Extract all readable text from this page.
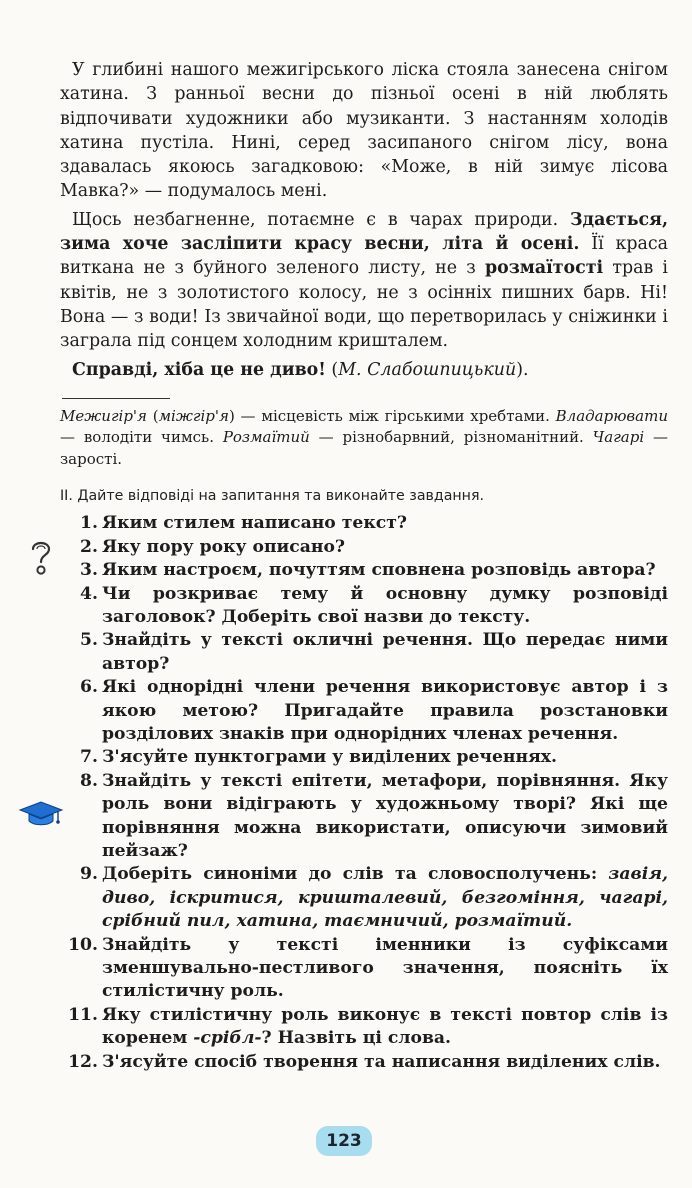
У глибині нашого межигірського ліска стояла занесена снігом хатина. З ранньої весни до пізньої осені в ній люблять відпочивати художники або музиканти. З настанням холодів хатина пустіла. Нині, серед засипаного снігом лісу, вона здавалась якоюсь загадковою: «Може, в ній зимує лісова Мавка?» — подумалось мені.

Щось незбагненне, потаємне є в чарах природи. Здається, зима хоче засліпити красу весни, літа й осені. Її краса виткана не з буйного зеленого листу, не з розмаїтості трав і квітів, не з золотистого колосу, не з осінніх пишних барв. Ні! Вона — з води! Із звичайної води, що перетворилась у сніжинки і заграла під сонцем холодним кришталем.

Справді, хіба це не диво! (М. Слабошпицький).

Межигір'я (міжгір'я) — місцевість між гірськими хребтами. Владарювати — володіти чимсь. Розмаїтий — різнобарвний, різноманітний. Чагарі — зарості.

II. Дайте відповіді на запитання та виконайте завдання.
1. Яким стилем написано текст?
2. Яку пору року описано?
3. Яким настроєм, почуттям сповнена розповідь автора?
4. Чи розкриває тему й основну думку розповіді заголовок? Доберіть свої назви до тексту.
5. Знайдіть у тексті окличні речення. Що передає ними автор?
6. Які однорідні члени речення використовує автор і з якою метою? Пригадайте правила розстановки розділових знаків при однорідних членах речення.
7. З'ясуйте пунктограми у виділених реченнях.
8. Знайдіть у тексті епітети, метафори, порівняння. Яку роль вони відіграють у художньому творі? Які ще порівняння можна використати, описуючи зимовий пейзаж?
9. Доберіть синоніми до слів та словосполучень: завія, диво, іскритися, кришталевий, безгоміння, чагарі, срібний пил, хатина, таємничий, розмаїтий.
10. Знайдіть у тексті іменники із суфіксами зменшувально-пестливого значення, поясніть їх стилістичну роль.
11. Яку стилістичну роль виконує в тексті повтор слів із коренем -срібл-? Назвіть ці слова.
12. З'ясуйте спосіб творення та написання виділених слів.
123
